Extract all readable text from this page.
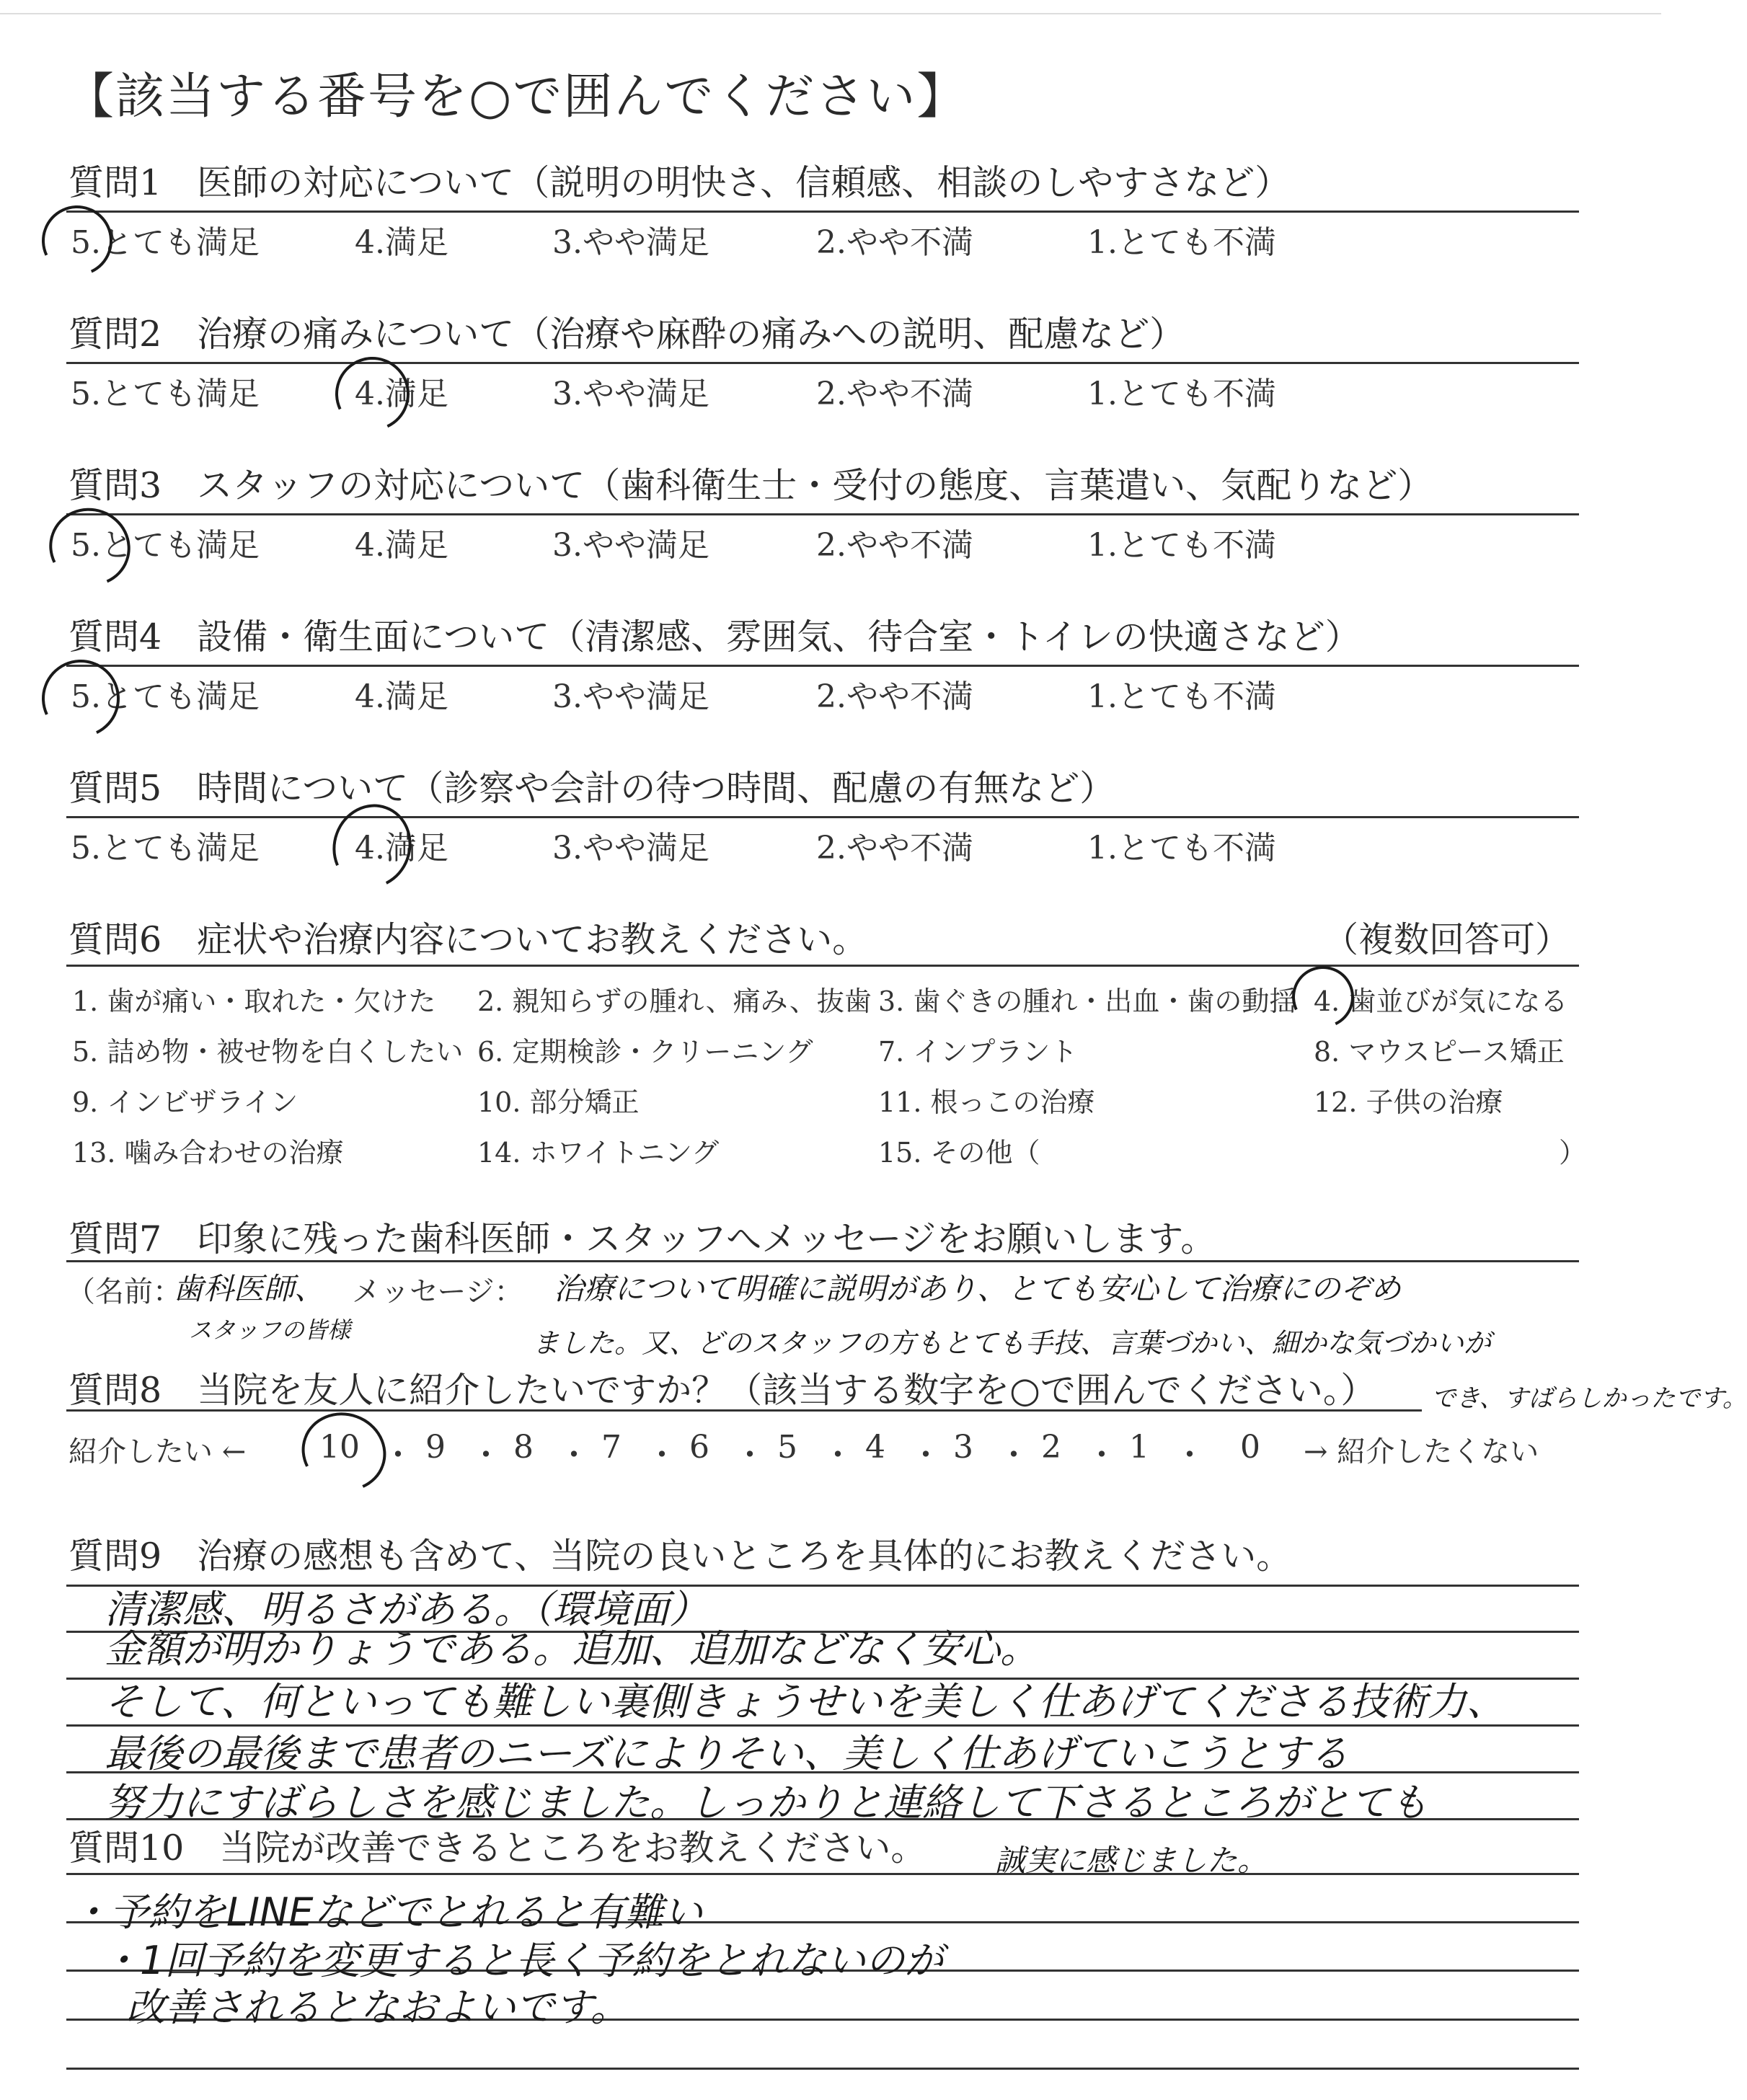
【該当する番号を○で囲んでください】
質問1　医師の対応について（説明の明快さ、信頼感、相談のしやすさなど）
5.とても満足	4.満足	3.やや満足	2.やや不満	1.とても不満
質問2　治療の痛みについて（治療や麻酔の痛みへの説明、配慮など）
5.とても満足	4.満足	3.やや満足	2.やや不満	1.とても不満
質問3　スタッフの対応について（歯科衛生士・受付の態度、言葉遣い、気配りなど）
5.とても満足	4.満足	3.やや満足	2.やや不満	1.とても不満
質問4　設備・衛生面について（清潔感、雰囲気、待合室・トイレの快適さなど）
5.とても満足	4.満足	3.やや満足	2.やや不満	1.とても不満
質問5　時間について（診察や会計の待つ時間、配慮の有無など）
5.とても満足	4.満足	3.やや満足	2.やや不満	1.とても不満
質問6　症状や治療内容についてお教えください。	（複数回答可）
1. 歯が痛い・取れた・欠けた 2. 親知らずの腫れ、痛み、抜歯 3. 歯ぐきの腫れ・出血・歯の動揺 4. 歯並びが気になる
5. 詰め物・被せ物を白くしたい 6. 定期検診・クリーニング 7. インプラント	8. マウスピース矯正
9. インビザライン	10. 部分矯正	11. 根っこの治療	12. 子供の治療
13. 噛み合わせの治療	14. ホワイトニング	15. その他（	）
質問7　印象に残った歯科医師・スタッフへメッセージをお願いします。
（名前：
歯科医師、
スタッフの皆様
メッセージ： 治療について明確に説明があり、とても安心して治療にのぞめ
ました。又、どのスタッフの方もとても手技、言葉づかい、細かな気づかいが
でき、すばらしかったです。
質問8　当院を友人に紹介したいですか？（該当する数字を○で囲んでください。）
紹介したい ← 10 ・ 9 ・ 8 ・ 7 ・ 6 ・ 5 ・ 4 ・ 3 ・ 2 ・ 1 ・ 0 → 紹介したくない
質問9　治療の感想も含めて、当院の良いところを具体的にお教えください。
清潔感、明るさがある。（環境面）
金額が明かりょうである。追加、追加などなく安心。
そして、何といっても難しい裏側きょうせいを美しく仕あげてくださる技術力、
最後の最後まで患者のニーズによりそい、美しく仕あげていこうとする
努力にすばらしさを感じました。しっかりと連絡して下さるところがとても
誠実に感じました。
質問10　当院が改善できるところをお教えください。
・予約をLINEなどでとれると有難い
・1回予約を変更すると長く予約をとれないのが
改善されるとなおよいです。
